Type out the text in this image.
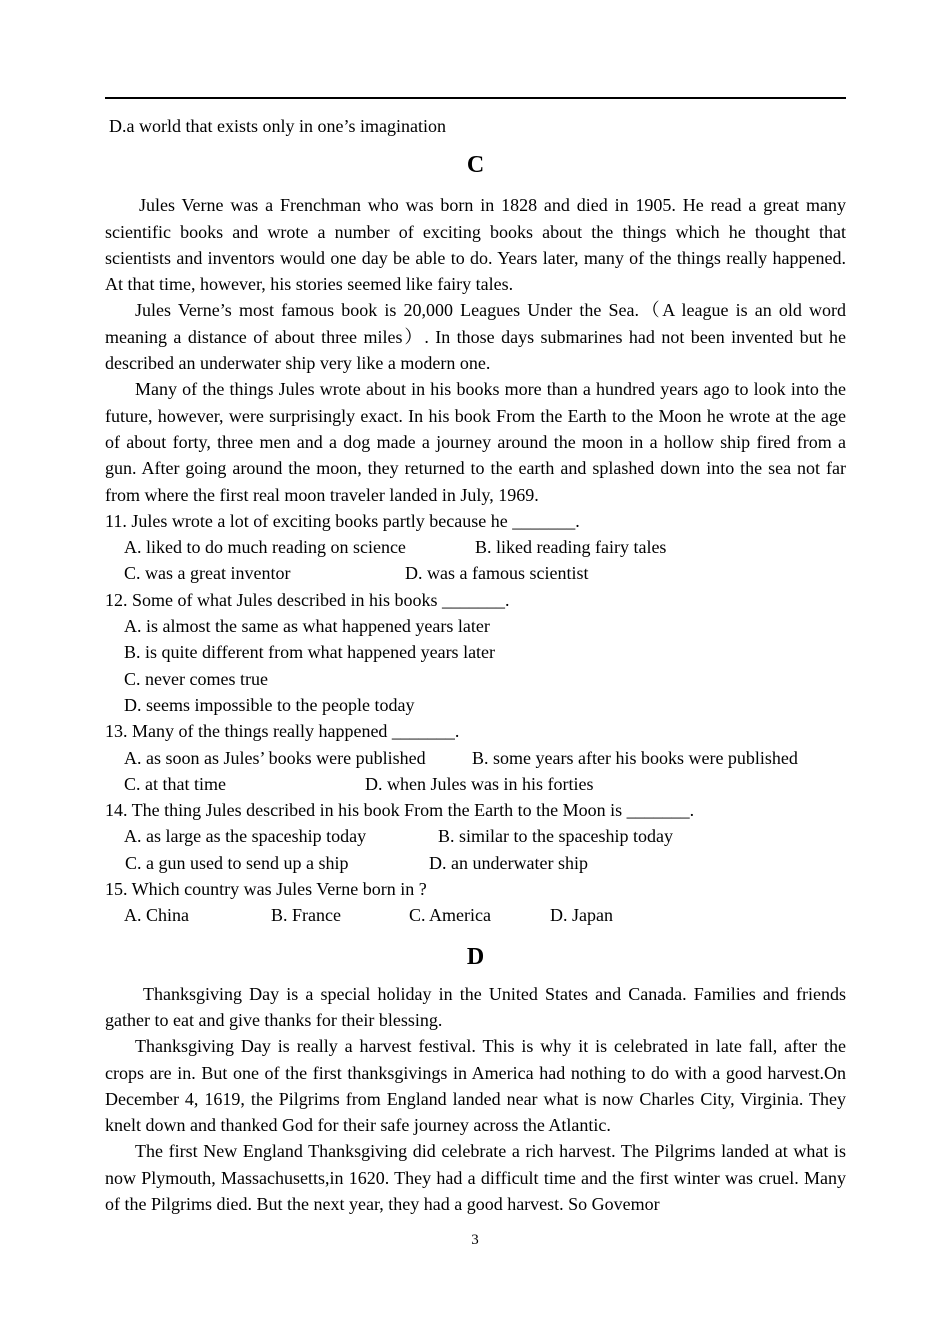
D.a world that exists only in one’s imagination

C

Jules Verne was a Frenchman who was born in 1828 and died in 1905. He read a great many scientific books and wrote a number of exciting books about the things which he thought that scientists and inventors would one day be able to do. Years later, many of the things really happened. At that time, however, his stories seemed like fairy tales.

Jules Verne’s most famous book is 20,000 Leagues Under the Sea.（A league is an old word meaning a distance of about three miles）. In those days submarines had not been invented but he described an underwater ship very like a modern one.

Many of the things Jules wrote about in his books more than a hundred years ago to look into the future, however, were surprisingly exact. In his book From the Earth to the Moon he wrote at the age of about forty, three men and a dog made a journey around the moon in a hollow ship fired from a gun. After going around the moon, they returned to the earth and splashed down into the sea not far from where the first real moon traveler landed in July, 1969.

11. Jules wrote a lot of exciting books partly because he _______.

A. liked to do much reading on science	B. liked reading fairy tales

C. was a great inventor	D. was a famous scientist

12. Some of what Jules described in his books _______.

A. is almost the same as what happened years later

B. is quite different from what happened years later

C. never comes true

D. seems impossible to the people today

13. Many of the things really happened _______.

A. as soon as Jules’ books were published	B. some years after his books were published

C. at that time	D. when Jules was in his forties

14. The thing Jules described in his book From the Earth to the Moon is _______.

A. as large as the spaceship today	B. similar to the spaceship today

C. a gun used to send up a ship	D. an underwater ship

15. Which country was Jules Verne born in ?

A. China	B. France	C. America	D. Japan

D

Thanksgiving Day is a special holiday in the United States and Canada. Families and friends gather to eat and give thanks for their blessing.

Thanksgiving Day is really a harvest festival. This is why it is celebrated in late fall, after the crops are in. But one of the first thanksgivings in America had nothing to do with a good harvest.On December 4, 1619, the Pilgrims from England landed near what is now Charles City, Virginia. They knelt down and thanked God for their safe journey across the Atlantic.

The first New England Thanksgiving did celebrate a rich harvest. The Pilgrims landed at what is now Plymouth, Massachusetts,in 1620. They had a difficult time and the first winter was cruel. Many of the Pilgrims died. But the next year, they had a good harvest. So Govemor

3
